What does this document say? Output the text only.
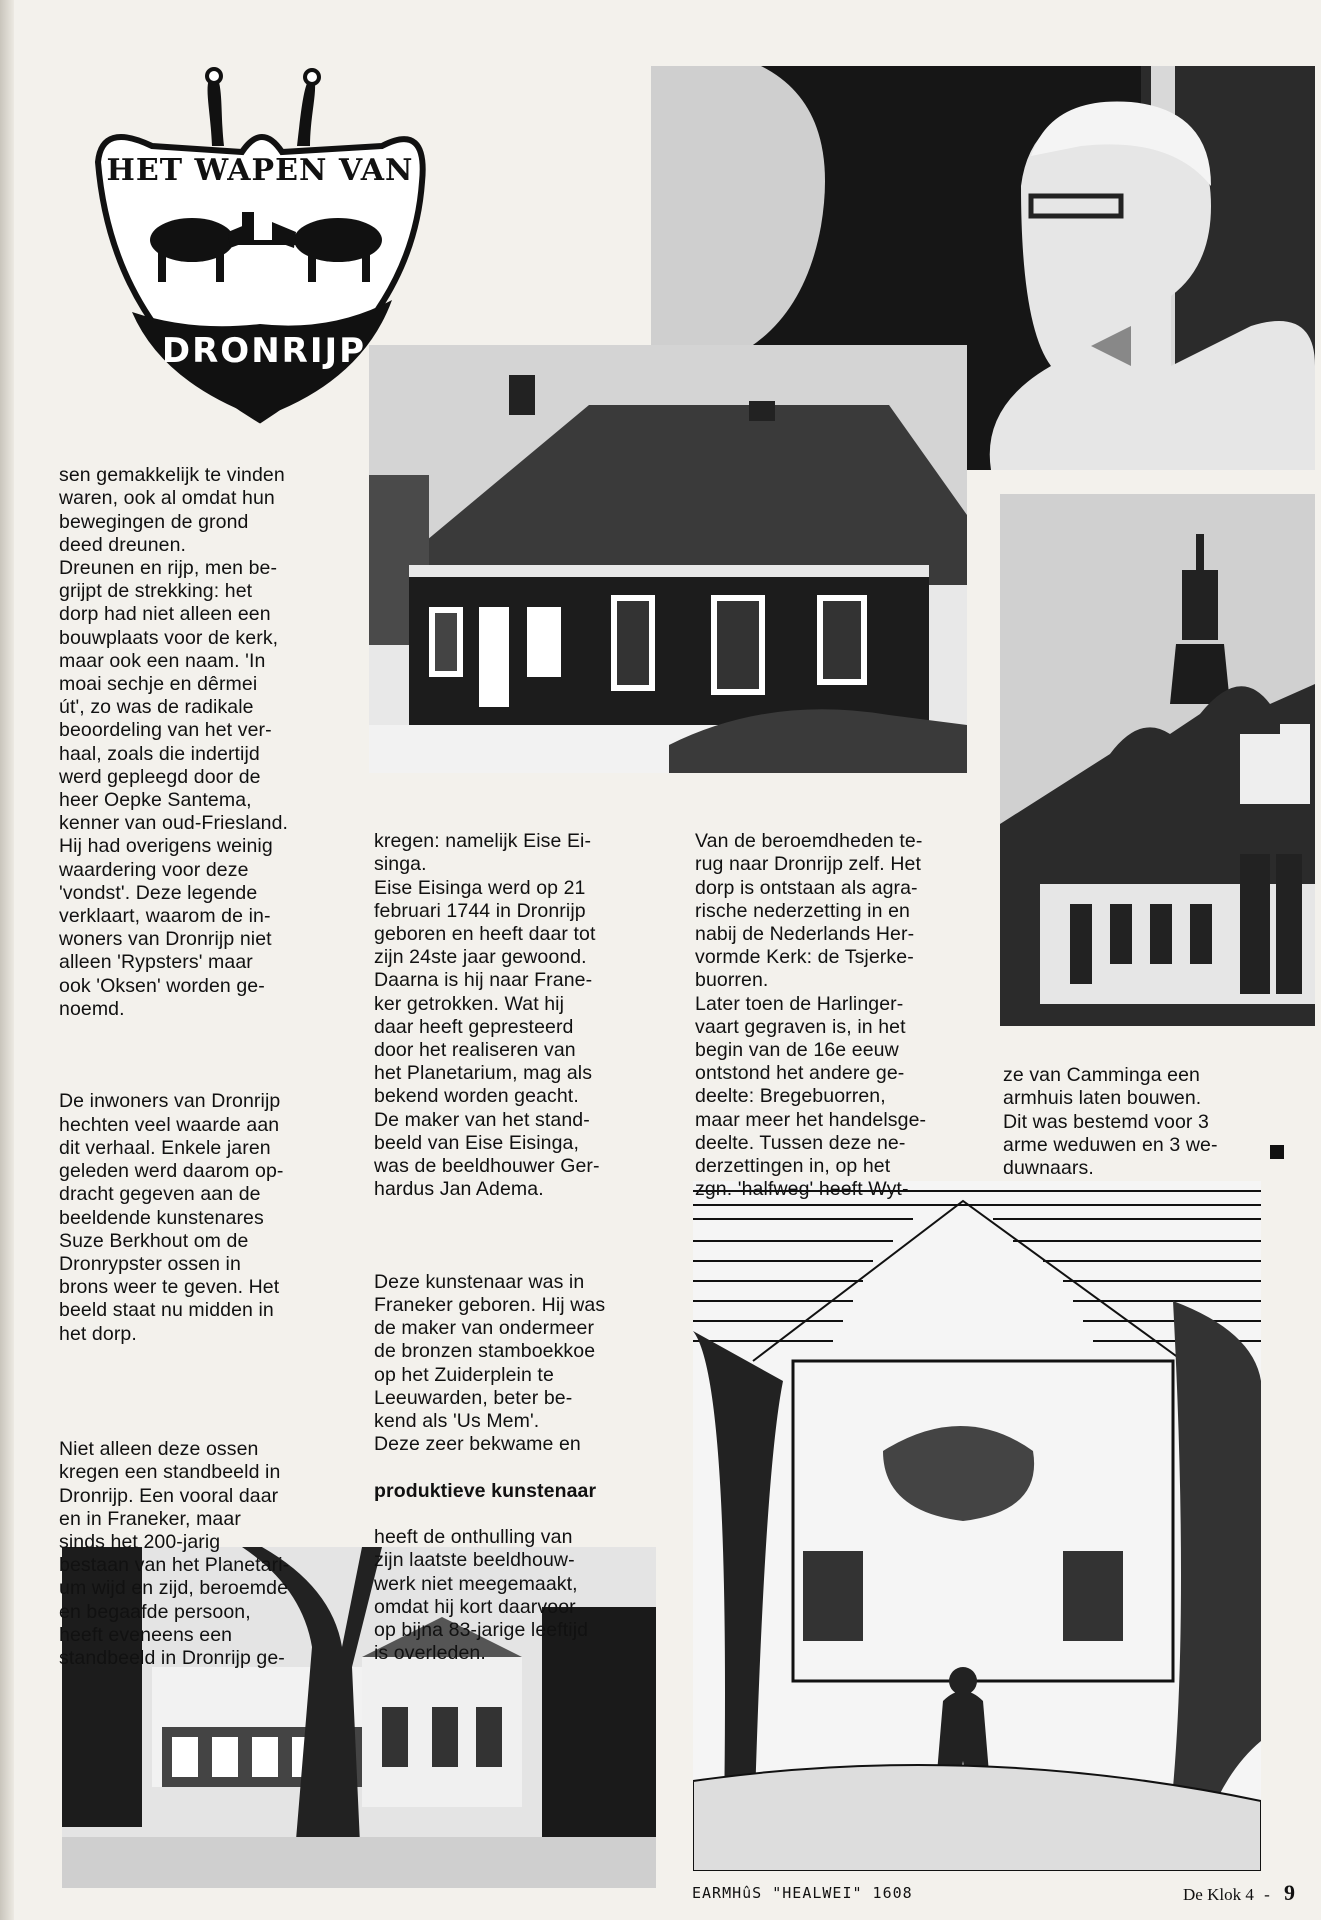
HET WAPEN VAN
DRONRIJP
EARMHûS "HEALWEI" 1608

sen gemakkelijk te vinden
waren, ook al omdat hun
bewegingen de grond
deed dreunen.
Dreunen en rijp, men be-
grijpt de strekking: het
dorp had niet alleen een
bouwplaats voor de kerk,
maar ook een naam. 'In
moai sechje en dêrmei
út', zo was de radikale
beoordeling van het ver-
haal, zoals die indertijd
werd gepleegd door de
heer Oepke Santema,
kenner van oud-Friesland.
Hij had overigens weinig
waardering voor deze
'vondst'. Deze legende
verklaart, waarom de in-
woners van Dronrijp niet
alleen 'Rypsters' maar
ook 'Oksen' worden ge-
noemd.

De inwoners van Dronrijp
hechten veel waarde aan
dit verhaal. Enkele jaren
geleden werd daarom op-
dracht gegeven aan de
beeldende kunstenares
Suze Berkhout om de
Dronrypster ossen in
brons weer te geven. Het
beeld staat nu midden in
het dorp.

Niet alleen deze ossen
kregen een standbeeld in
Dronrijp. Een vooral daar
en in Franeker, maar
sinds het 200-jarig
bestaan van het Planetari-
um wijd en zijd, beroemde
en begaafde persoon,
heeft eveneens een
standbeeld in Dronrijp ge-

kregen: namelijk Eise Ei-
singa.
Eise Eisinga werd op 21
februari 1744 in Dronrijp
geboren en heeft daar tot
zijn 24ste jaar gewoond.
Daarna is hij naar Frane-
ker getrokken. Wat hij
daar heeft gepresteerd
door het realiseren van
het Planetarium, mag als
bekend worden geacht.
De maker van het stand-
beeld van Eise Eisinga,
was de beeldhouwer Ger-
hardus Jan Adema.

Deze kunstenaar was in
Franeker geboren. Hij was
de maker van ondermeer
de bronzen stamboekkoe
op het Zuiderplein te
Leeuwarden, beter be-
kend als 'Us Mem'.
Deze zeer bekwame en

produktieve kunstenaar

heeft de onthulling van
zijn laatste beeldhouw-
werk niet meegemaakt,
omdat hij kort daarvoor
op bijna 83-jarige leeftijd
is overleden.

Van de beroemdheden te-
rug naar Dronrijp zelf. Het
dorp is ontstaan als agra-
rische nederzetting in en
nabij de Nederlands Her-
vormde Kerk: de Tsjerke-
buorren.
Later toen de Harlinger-
vaart gegraven is, in het
begin van de 16e eeuw
ontstond het andere ge-
deelte: Bregebuorren,
maar meer het handelsge-
deelte. Tussen deze ne-
derzettingen in, op het
zgn. 'halfweg' heeft Wyt-

ze van Camminga een
armhuis laten bouwen.
Dit was bestemd voor 3
arme weduwen en 3 we-
duwnaars.

De Klok 4 - 9
